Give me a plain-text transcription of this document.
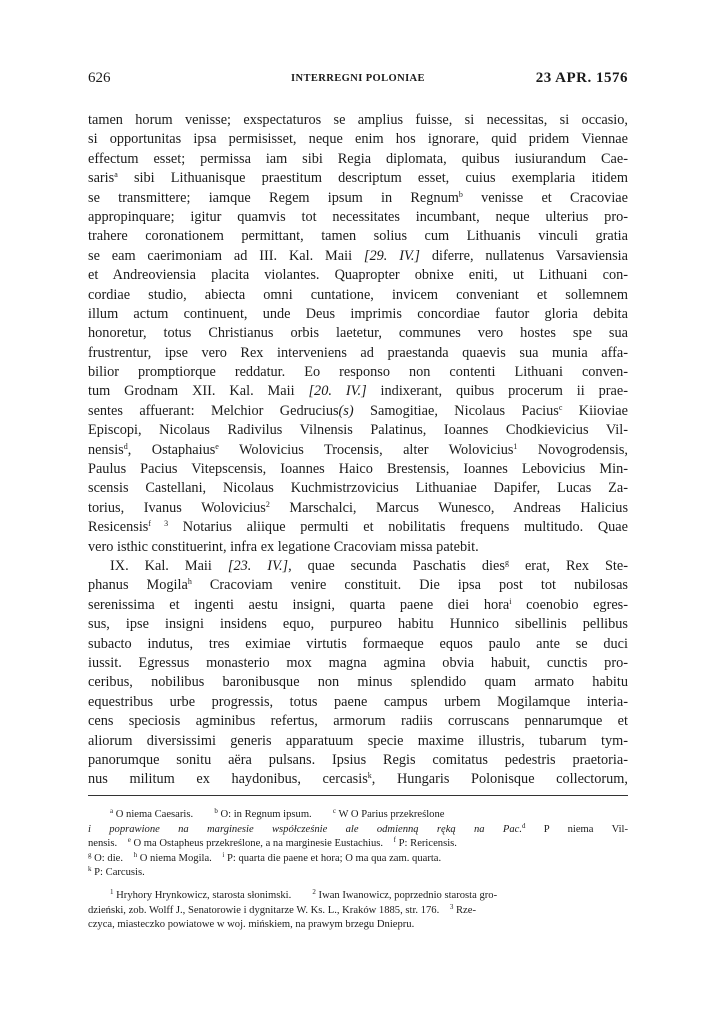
626	INTERREGNI POLONIAE	23 APR. 1576
tamen horum venisse; exspectaturos se amplius fuisse, si necessitas, si occasio,
si opportunitas ipsa permisisset, neque enim hos ignorare, quid pridem Viennae
effectum esset; permissa iam sibi Regia diplomata, quibus iusiurandum Cae-
saris$^a$ sibi Lithuanisque praestitum descriptum esset, cuius exemplaria itidem
se transmittere; iamque Regem ipsum in Regnum$^b$ venisse et Cracoviae
appropinquare; igitur quamvis tot necessitates incumbant, neque ulterius pro-
trahere coronationem permittant, tamen solius cum Lithuanis vinculi gratia
se eam caerimoniam ad III. Kal. Maii [29. IV.] diferre, nullatenus Varsaviensia
et Andreoviensia placita violantes. Quapropter obnixe eniti, ut Lithuani con-
cordiae studio, abiecta omni cuntatione, invicem conveniant et sollemnem
illum actum continuent, unde Deus imprimis concordiae fautor gloria debita
honoretur, totus Christianus orbis laetetur, communes vero hostes spe sua
frustrentur, ipse vero Rex interveniens ad praestanda quaevis sua munia affa-
bilior promptiorque reddatur. Eo responso non contenti Lithuani conven-
tum Grodnam XII. Kal. Maii [20. IV.] indixerant, quibus procerum ii prae-
sentes affuerant: Melchior Gedrucius(s) Samogitiae, Nicolaus Pacius$^c$ Kiioviae
Episcopi, Nicolaus Radivilus Vilnensis Palatinus, Ioannes Chodkievicius Vil-
nensis$^d$, Ostaphaius$^e$ Wolovicius Trocensis, alter Wolovicius$^1$ Novogrodensis,
Paulus Pacius Vitepscensis, Ioannes Haico Brestensis, Ioannes Lebovicius Min-
scensis Castellani, Nicolaus Kuchmistrzovicius Lithuaniae Dapifer, Lucas Za-
torius, Ivanus Wolovicius$^2$ Marschalci, Marcus Wunesco, Andreas Halicius
Resicensis$^{f 3}$ Notarius aliique permulti et nobilitatis frequens multitudo. Quae
vero isthic constituerint, infra ex legatione Cracoviam missa patebit.
IX. Kal. Maii [23. IV.], quae secunda Paschatis dies$^g$ erat, Rex Ste-
phanus Mogila$^h$ Cracoviam venire constituit. Die ipsa post tot nubilosas
serenissima et ingenti aestu insigni, quarta paene diei hora$^i$ coenobio egres-
sus, ipse insigni insidens equo, purpureo habitu Hunnico sibellinis pellibus
subacto indutus, tres eximiae virtutis formaeque equos paulo ante se duci
iussit. Egressus monasterio mox magna agmina obvia habuit, cunctis pro-
ceribus, nobilibus baronibusque non minus splendido quam armato habitu
equestribus urbe progressis, totus paene campus urbem Mogilamque interia-
cens speciosis agminibus refertus, armorum radiis corruscans pennarumque et
aliorum diversissimi generis apparatuum specie maxime illustris, tubarum tym-
panorumque sonitu aëra pulsans. Ipsius Regis comitatus pedestris praetoria-
nus militum ex haydonibus, cercasis$^k$, Hungaris Polonisque collectorum,
$^a$ O niema Caesaris.  	$^b$ O: in Regnum ipsum.  	$^c$ W O Parius przekreślone
i poprawione na marginesie współcześnie ale odmienną ręką na Pac.$^d$ P niema Vil-
nensis.  $^e$ O ma Ostapheus przekreślone, a na marginesie Eustachius.  $^f$ P: Rericensis.
$^g$ O: die.  $^h$ O niema Mogila.  $^i$ P: quarta die paene et hora; O ma qua zam. quarta.
$^k$ P: Carcusis.
$^1$ Hryhory Hrynkowicz, starosta słonimski.  	$^2$ Iwan Iwanowicz, poprzednio starosta gro-
dzieński, zob. Wolff J., Senatorowie i dygnitarze W. Ks. L., Kraków 1885, str. 176.  $^3$ Rze-
czyca, miasteczko powiatowe w woj. mińskiem, na prawym brzegu Dniepru.
